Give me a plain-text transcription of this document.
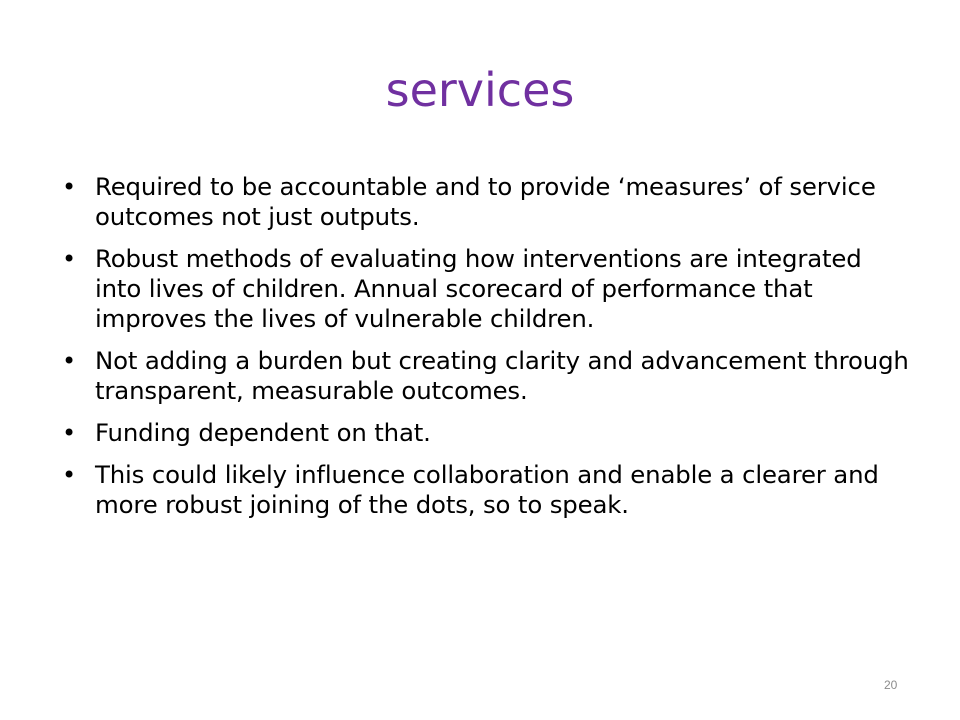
services
• Required to be accountable and to provide ‘measures’ of service outcomes not just outputs.
• Robust methods of evaluating how interventions are integrated into lives of children. Annual scorecard of performance that improves the lives of vulnerable children.
• Not adding a burden but creating clarity and advancement through transparent, measurable outcomes.
• Funding dependent on that.
• This could likely influence collaboration and enable a clearer and more robust joining of the dots, so to speak.
20
